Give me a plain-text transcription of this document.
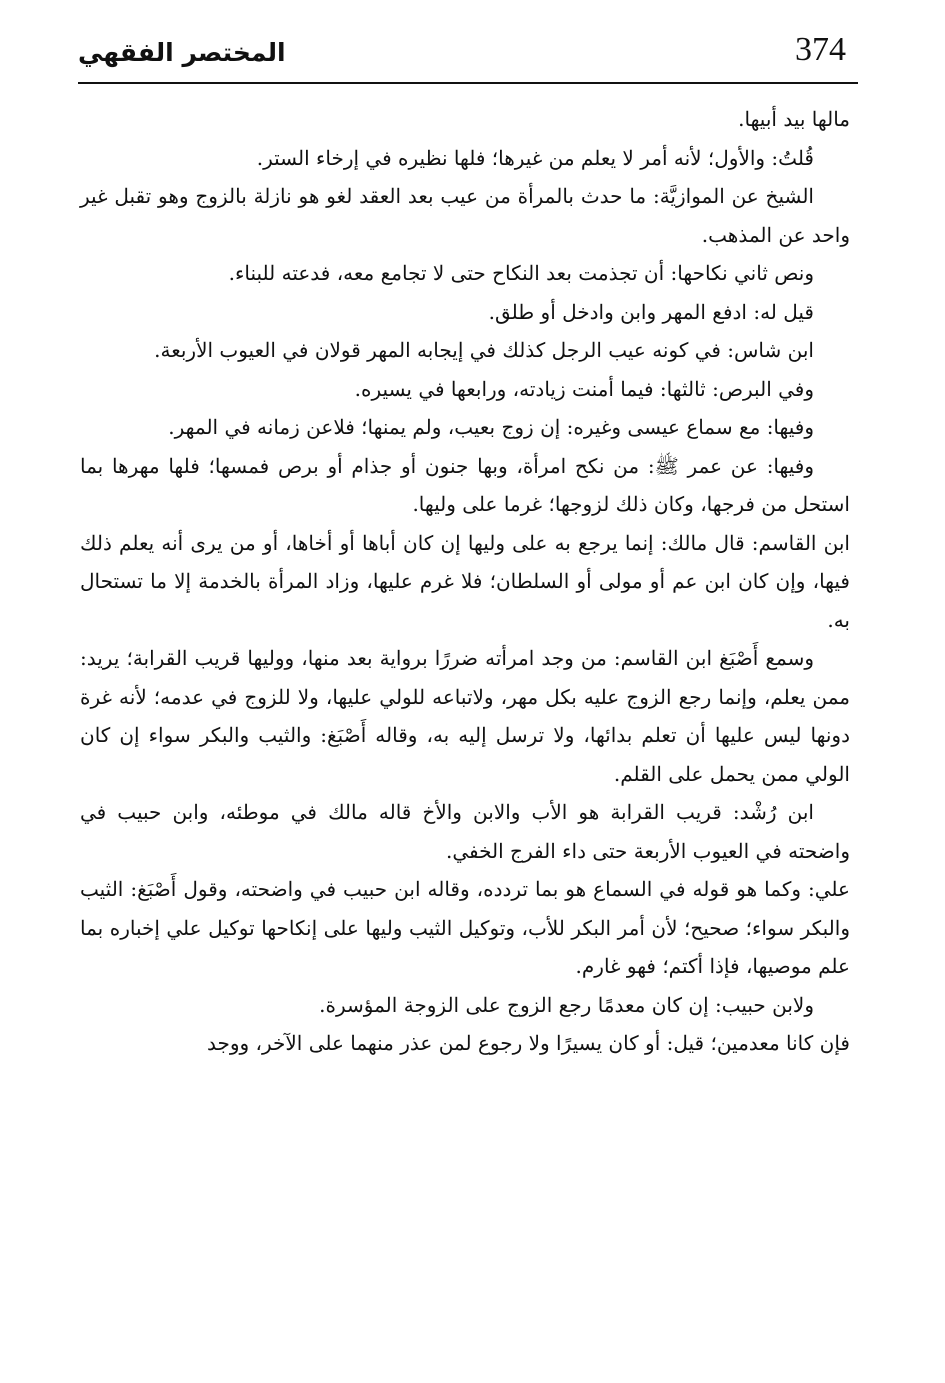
374
المختصر الفقهي

مالها بيد أبيها.

قُلتُ: والأول؛ لأنه أمر لا يعلم من غيرها؛ فلها نظيره في إرخاء الستر.

الشيخ عن الموازيَّة: ما حدث بالمرأة من عيب بعد العقد لغو هو نازلة بالزوج وهو تقبل غير واحد عن المذهب.

ونص ثاني نكاحها: أن تجذمت بعد النكاح حتى لا تجامع معه، فدعته للبناء.

قيل له: ادفع المهر وابن وادخل أو طلق.

ابن شاس: في كونه عيب الرجل كذلك في إيجابه المهر قولان في العيوب الأربعة.

وفي البرص: ثالثها: فيما أمنت زيادته، ورابعها في يسيره.

وفيها: مع سماع عيسى وغيره: إن زوج بعيب، ولم يمنها؛ فلاعن زمانه في المهر.

وفيها: عن عمر ﷺ: من نكح امرأة، وبها جنون أو جذام أو برص فمسها؛ فلها مهرها بما استحل من فرجها، وكان ذلك لزوجها؛ غرما على وليها.

ابن القاسم: قال مالك: إنما يرجع به على وليها إن كان أباها أو أخاها، أو من يرى أنه يعلم ذلك فيها، وإن كان ابن عم أو مولى أو السلطان؛ فلا غرم عليها، وزاد المرأة بالخدمة إلا ما تستحال به.

وسمع أَصْبَغ ابن القاسم: من وجد امرأته ضررًا برواية بعد منها، ووليها قريب القرابة؛ يريد: ممن يعلم، وإنما رجع الزوج عليه بكل مهر، ولاتباعه للولي عليها، ولا للزوج في عدمه؛ لأنه غرة دونها ليس عليها أن تعلم بدائها، ولا ترسل إليه به، وقاله أَصْبَغ: والثيب والبكر سواء إن كان الولي ممن يحمل على القلم.

ابن رُشْد: قريب القرابة هو الأب والابن والأخ قاله مالك في موطئه، وابن حبيب في واضحته في العيوب الأربعة حتى داء الفرج الخفي.

علي: وكما هو قوله في السماع هو بما تردده، وقاله ابن حبيب في واضحته، وقول أَصْبَغ: الثيب والبكر سواء؛ صحيح؛ لأن أمر البكر للأب، وتوكيل الثيب وليها على إنكاحها توكيل علي إخباره بما علم موصيها، فإذا أكتم؛ فهو غارم.

ولابن حبيب: إن كان معدمًا رجع الزوج على الزوجة المؤسرة.

فإن كانا معدمين؛ قيل: أو كان يسيرًا ولا رجوع لمن عذر منهما على الآخر، ووجد
